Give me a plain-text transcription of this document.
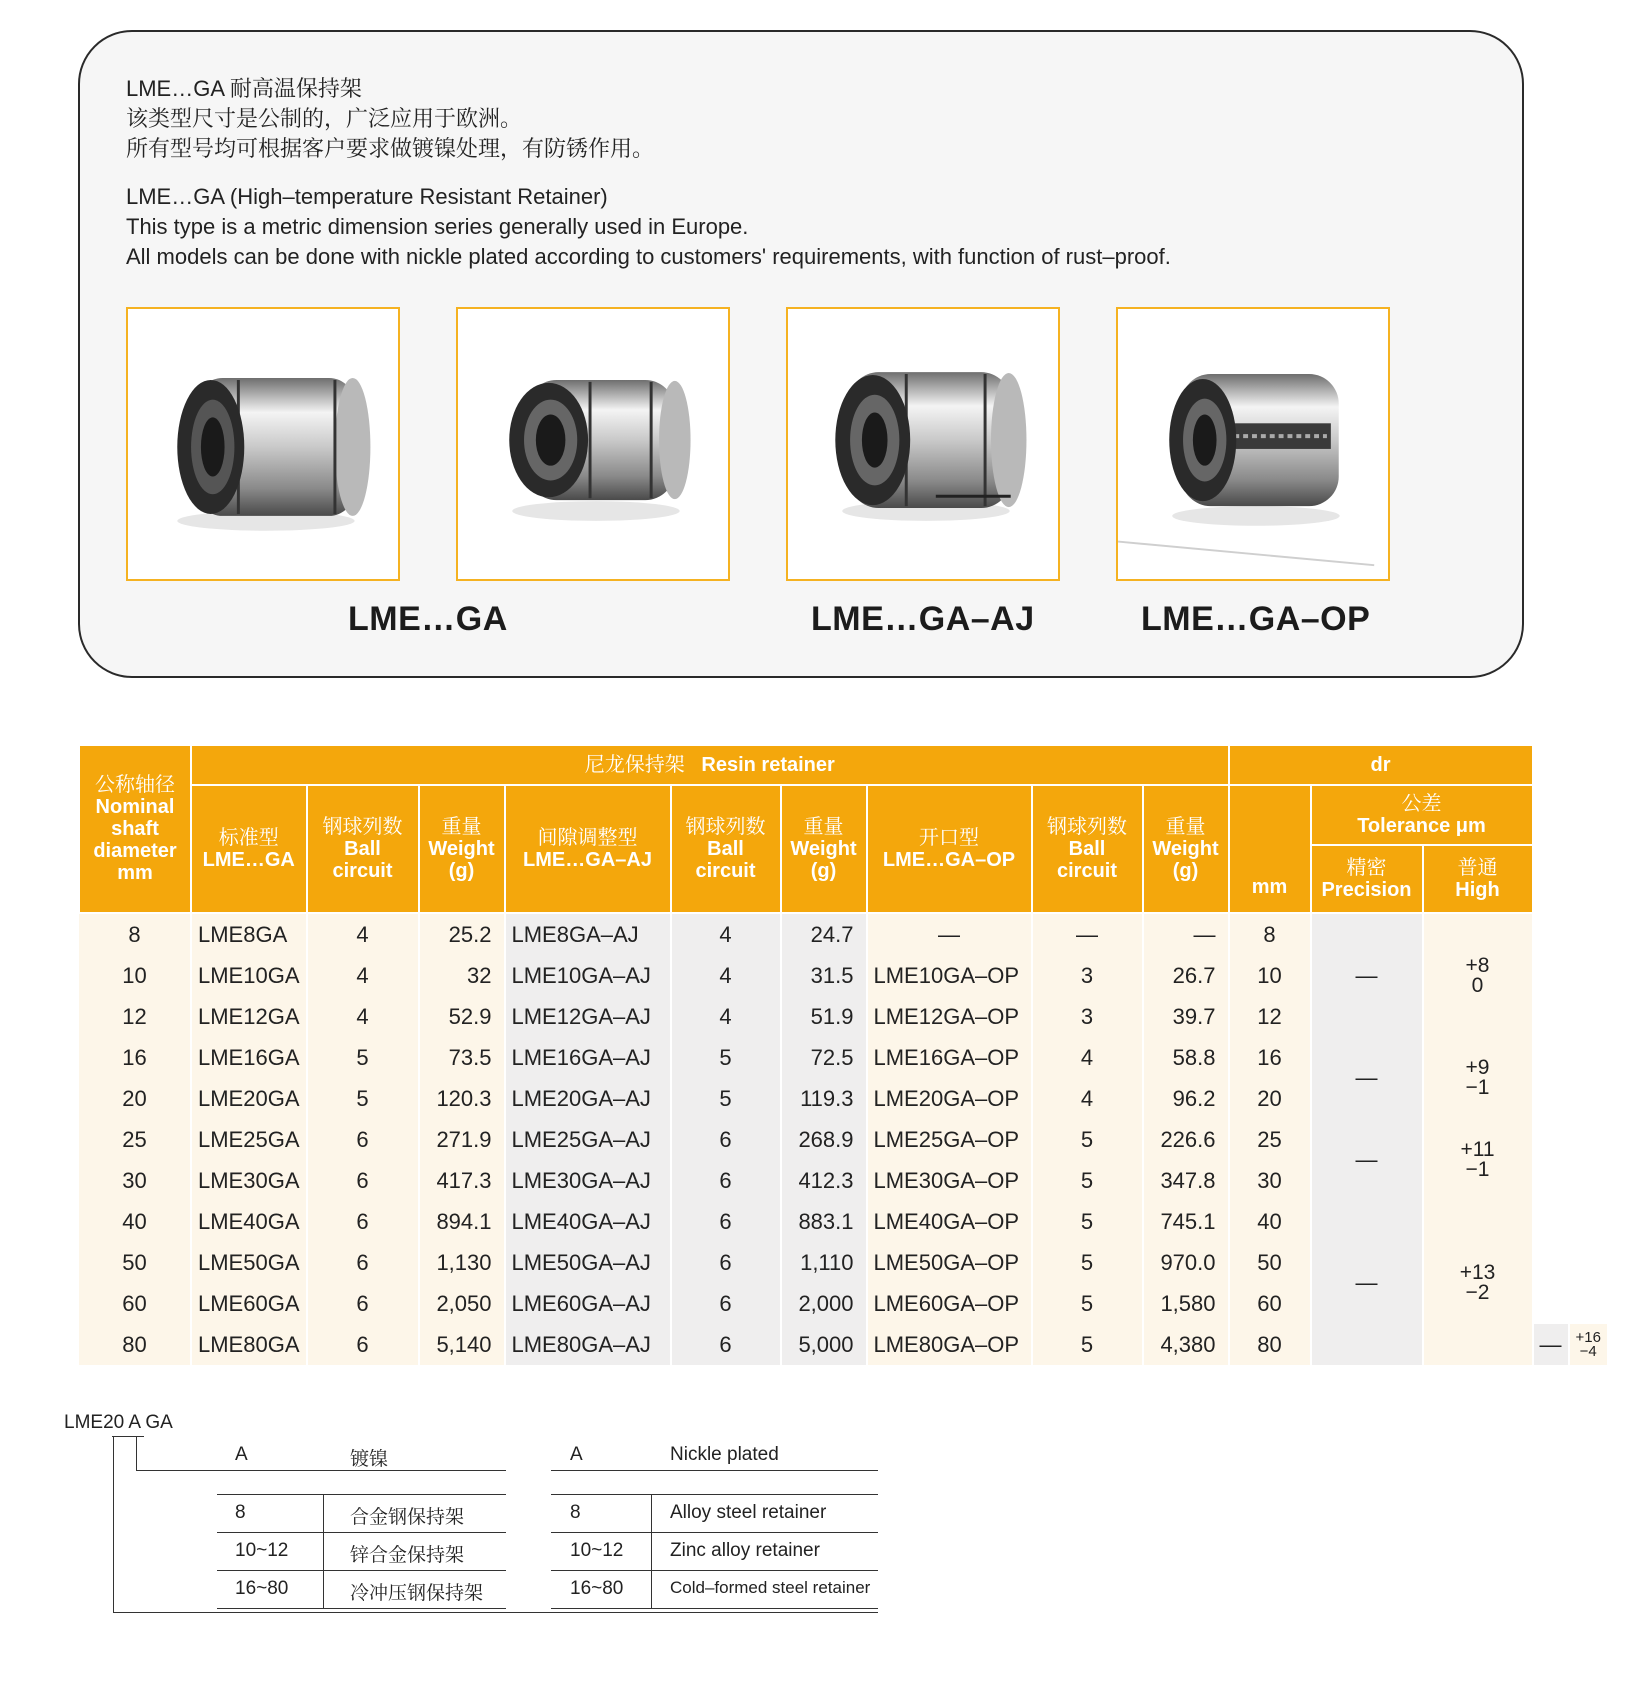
LME…GA 耐高温保持架
该类型尺寸是公制的，广泛应用于欧洲。
所有型号均可根据客户要求做镀镍处理，有防锈作用。
LME…GA (High–temperature Resistant Retainer)
This type is a metric dimension series generally used in Europe.
All models can be done with nickle plated according to customers' requirements, with function of rust–proof.
LME…GA	LME…GA–AJ	LME…GA–OP
公称轴径
Nominal
shaft
diameter
mm	尼龙保持架 Resin retainer									dr				

	标准型
LME…GA	钢球列数
Ball
circuit	重量
Weight
(g)	间隙调整型
LME…GA–AJ	钢球列数
Ball
circuit	重量
Weight
(g)	开口型
LME…GA–OP	钢球列数
Ball
circuit	重量
Weight
(g)	mm	公差
Tolerance μm			

											精密
Precision	普通
High		
8	LME8GA	4	25.2	LME8GA–AJ	4	24.7	—	—	—	8	—	+8
0		

10	LME10GA	4	32	LME10GA–AJ	4	31.5	LME10GA–OP	3	26.7	10				
12	LME12GA	4	52.9	LME12GA–AJ	4	51.9	LME12GA–OP	3	39.7	12				
16	LME16GA	5	73.5	LME16GA–AJ	5	72.5	LME16GA–OP	4	58.8	16	—	+9
−1		

20	LME20GA	5	120.3	LME20GA–AJ	5	119.3	LME20GA–OP	4	96.2	20				
25	LME25GA	6	271.9	LME25GA–AJ	6	268.9	LME25GA–OP	5	226.6	25	—	+11
−1		

30	LME30GA	6	417.3	LME30GA–AJ	6	412.3	LME30GA–OP	5	347.8	30				
40	LME40GA	6	894.1	LME40GA–AJ	6	883.1	LME40GA–OP	5	745.1	40	—	+13
−2		

50	LME50GA	6	1,130	LME50GA–AJ	6	1,110	LME50GA–OP	5	970.0	50				
60	LME60GA	6	2,050	LME60GA–AJ	6	2,000	LME60GA–OP	5	1,580	60				
80	LME80GA	6	5,140	LME80GA–AJ	6	5,000	LME80GA–OP	5	4,380	80			—	+16
−4
LME20 A GA
A	镀镍
8	合金钢保持架
10~12	锌合金保持架
16~80	冷冲压钢保持架
A	Nickle plated
8	Alloy steel retainer
10~12 Zinc alloy retainer
16~80	Cold–formed steel retainer
